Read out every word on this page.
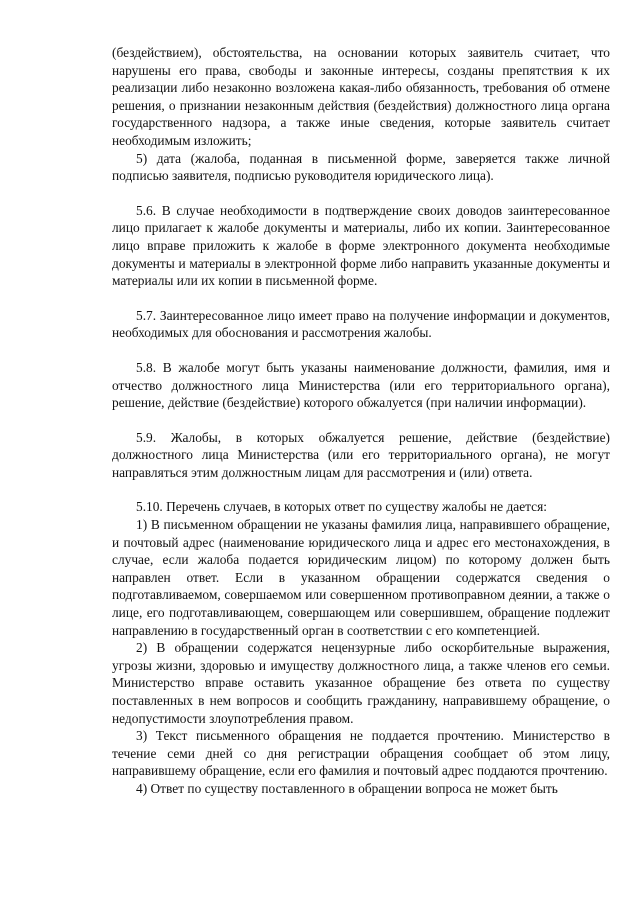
(бездействием), обстоятельства, на основании которых заявитель считает, что нарушены его права, свободы и законные интересы, созданы препятствия к их реализации либо незаконно возложена какая-либо обязанность, требования об отмене решения, о признании незаконным действия (бездействия) должностного лица органа государственного надзора, а также иные сведения, которые заявитель считает необходимым изложить;
5) дата (жалоба, поданная в письменной форме, заверяется также личной подписью заявителя, подписью руководителя юридического лица).
5.6. В случае необходимости в подтверждение своих доводов заинтересованное лицо прилагает к жалобе документы и материалы, либо их копии. Заинтересованное лицо вправе приложить к жалобе в форме электронного документа необходимые документы и материалы в электронной форме либо направить указанные документы и материалы или их копии в письменной форме.
5.7. Заинтересованное лицо имеет право на получение информации и документов, необходимых для обоснования и рассмотрения жалобы.
5.8. В жалобе могут быть указаны наименование должности, фамилия, имя и отчество должностного лица Министерства (или его территориального органа), решение, действие (бездействие) которого обжалуется (при наличии информации).
5.9. Жалобы, в которых обжалуется решение, действие (бездействие) должностного лица Министерства (или его территориального органа), не могут направляться этим должностным лицам для рассмотрения и (или) ответа.
5.10. Перечень случаев, в которых ответ по существу жалобы не дается:
1) В письменном обращении не указаны фамилия лица, направившего обращение, и почтовый адрес (наименование юридического лица и адрес его местонахождения, в случае, если жалоба подается юридическим лицом) по которому должен быть направлен ответ. Если в указанном обращении содержатся сведения о подготавливаемом, совершаемом или совершенном противоправном деянии, а также о лице, его подготавливающем, совершающем или совершившем, обращение подлежит направлению в государственный орган в соответствии с его компетенцией.
2) В обращении содержатся нецензурные либо оскорбительные выражения, угрозы жизни, здоровью и имуществу должностного лица, а также членов его семьи. Министерство вправе оставить указанное обращение без ответа по существу поставленных в нем вопросов и сообщить гражданину, направившему обращение, о недопустимости злоупотребления правом.
3) Текст письменного обращения не поддается прочтению. Министерство в течение семи дней со дня регистрации обращения сообщает об этом лицу, направившему обращение, если его фамилия и почтовый адрес поддаются прочтению.
4) Ответ по существу поставленного в обращении вопроса не может быть
